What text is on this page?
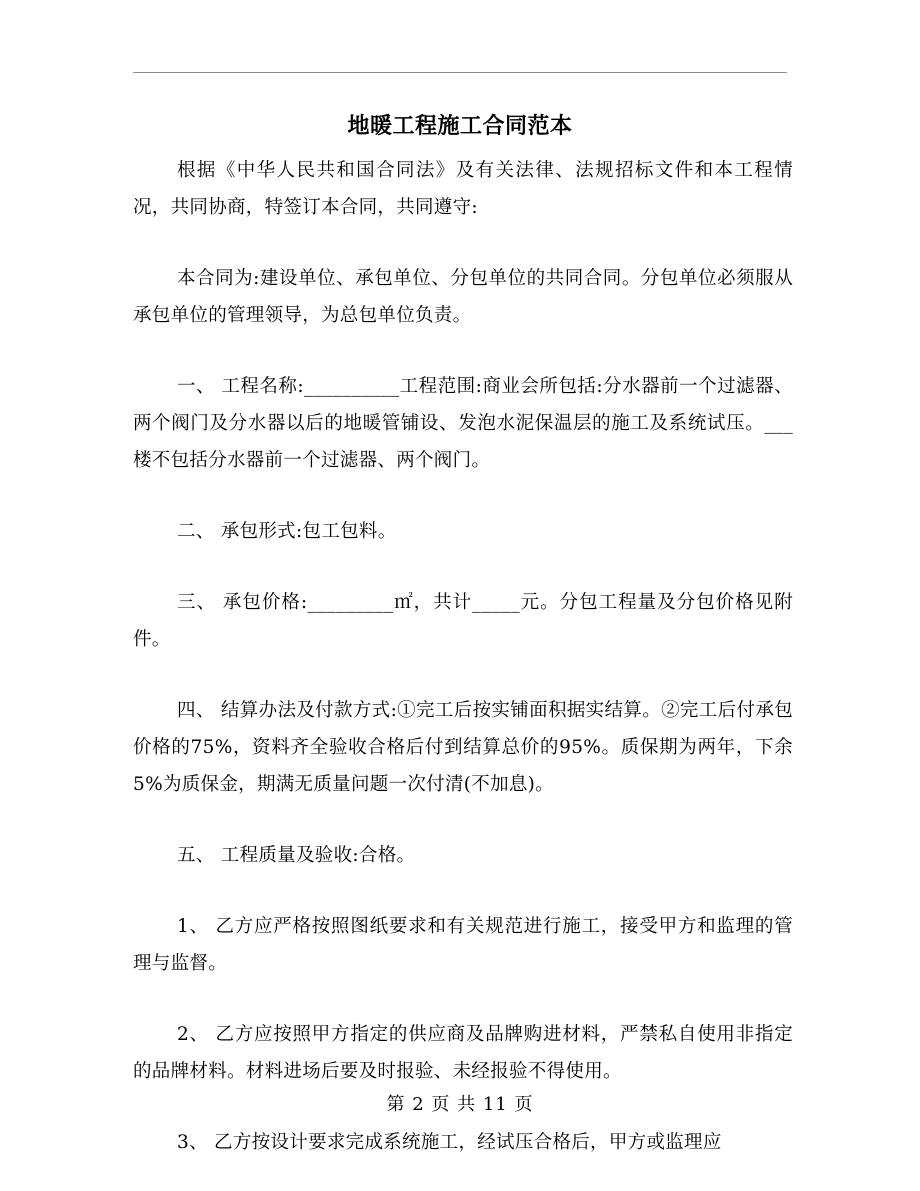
地暖工程施工合同范本

根据《中华人民共和国合同法》及有关法律、法规招标文件和本工程情况，共同协商，特签订本合同，共同遵守:

本合同为:建设单位、承包单位、分包单位的共同合同。分包单位必须服从承包单位的管理领导，为总包单位负责。

一、 工程名称:__________工程范围:商业会所包括:分水器前一个过滤器、两个阀门及分水器以后的地暖管铺设、发泡水泥保温层的施工及系统试压。___楼不包括分水器前一个过滤器、两个阀门。

二、 承包形式:包工包料。

三、 承包价格:_________㎡，共计_____元。分包工程量及分包价格见附件。

四、 结算办法及付款方式:①完工后按实铺面积据实结算。②完工后付承包价格的75%，资料齐全验收合格后付到结算总价的95%。质保期为两年，下余5%为质保金，期满无质量问题一次付清(不加息)。

五、 工程质量及验收:合格。

1、 乙方应严格按照图纸要求和有关规范进行施工，接受甲方和监理的管理与监督。

2、 乙方应按照甲方指定的供应商及品牌购进材料，严禁私自使用非指定的品牌材料。材料进场后要及时报验、未经报验不得使用。

3、 乙方按设计要求完成系统施工，经试压合格后，甲方或监理应

第 2 页 共 11 页
